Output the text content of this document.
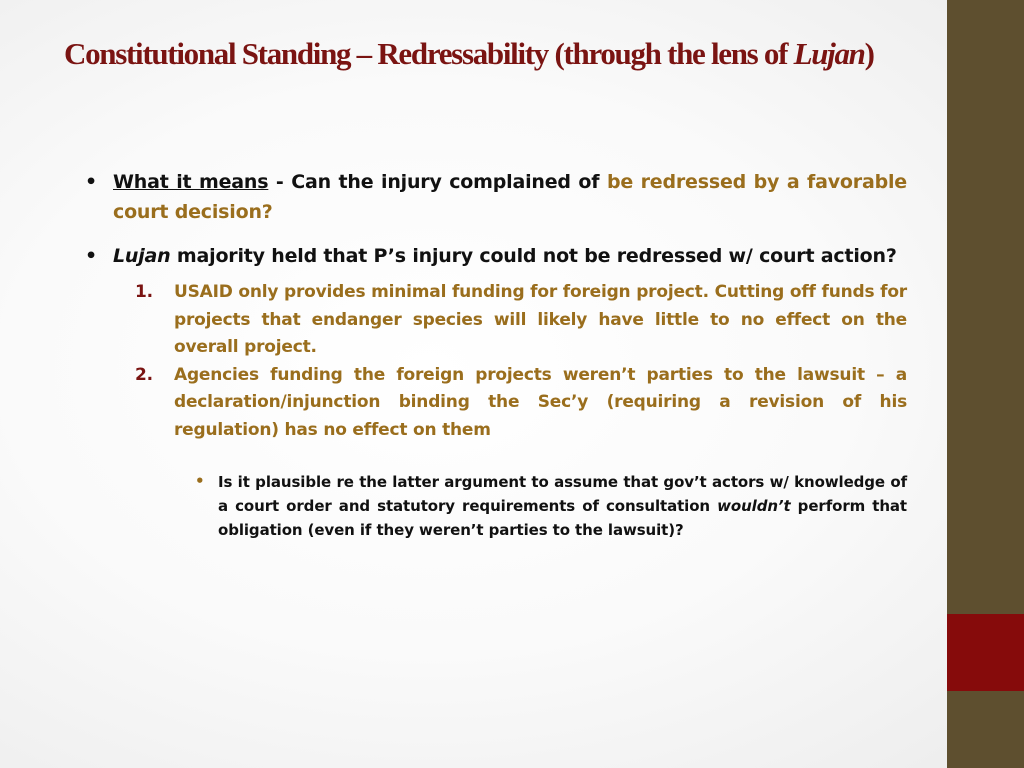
Constitutional Standing – Redressability (through the lens of Lujan)
• What it means - Can the injury complained of be redressed by a favorable court decision?
• Lujan majority held that P’s injury could not be redressed w/ court action?
1. USAID only provides minimal funding for foreign project. Cutting off funds for projects that endanger species will likely have little to no effect on the overall project.
2. Agencies funding the foreign projects weren’t parties to the lawsuit – a declaration/injunction binding the Sec’y (requiring a revision of his regulation) has no effect on them
• Is it plausible re the latter argument to assume that gov’t actors w/ knowledge of a court order and statutory requirements of consultation wouldn’t perform that obligation (even if they weren’t parties to the lawsuit)?
